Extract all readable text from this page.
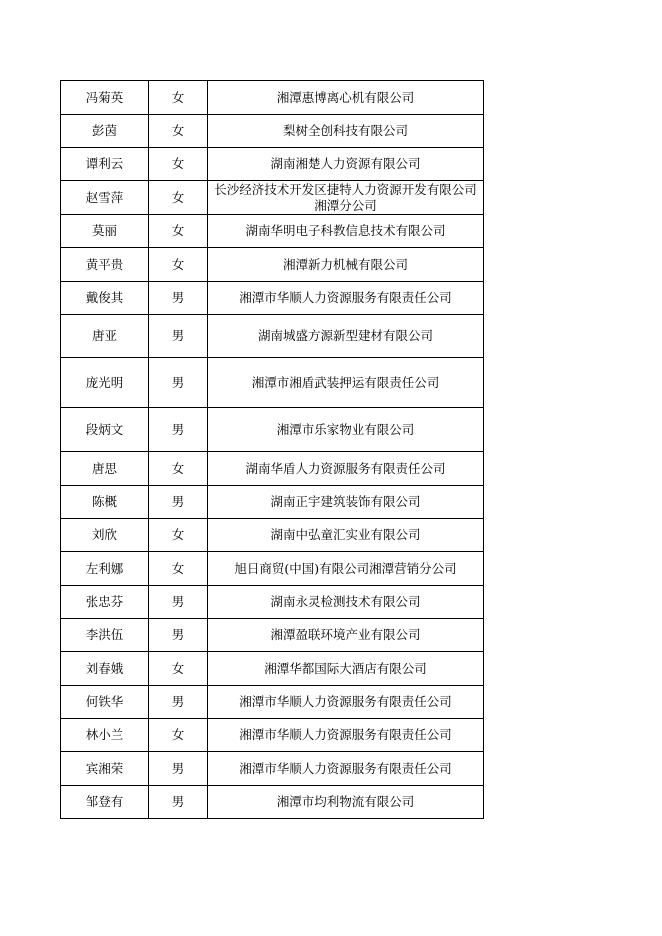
冯菊英	女	湘潭惠博离心机有限公司
彭茵	女	梨树全创科技有限公司
谭利云	女	湖南湘楚人力资源有限公司
赵雪萍	女	长沙经济技术开发区捷特人力资源开发有限公司湘潭分公司
莫丽	女	湖南华明电子科教信息技术有限公司
黄平贵	女	湘潭新力机械有限公司
戴俊其	男	湘潭市华顺人力资源服务有限责任公司
唐亚	男	湖南城盛方源新型建材有限公司
庞光明	男	湘潭市湘盾武装押运有限责任公司
段炳文	男	湘潭市乐家物业有限公司
唐思	女	湖南华盾人力资源服务有限责任公司
陈概	男	湖南正宇建筑装饰有限公司
刘欣	女	湖南中弘童汇实业有限公司
左利娜	女	旭日商贸(中国)有限公司湘潭营销分公司
张忠芬	男	湖南永灵检测技术有限公司
李洪伍	男	湘潭盈联环境产业有限公司
刘春娥	女	湘潭华都国际大酒店有限公司
何铁华	男	湘潭市华顺人力资源服务有限责任公司
林小兰	女	湘潭市华顺人力资源服务有限责任公司
宾湘荣	男	湘潭市华顺人力资源服务有限责任公司
邹登有	男	湘潭市均利物流有限公司
